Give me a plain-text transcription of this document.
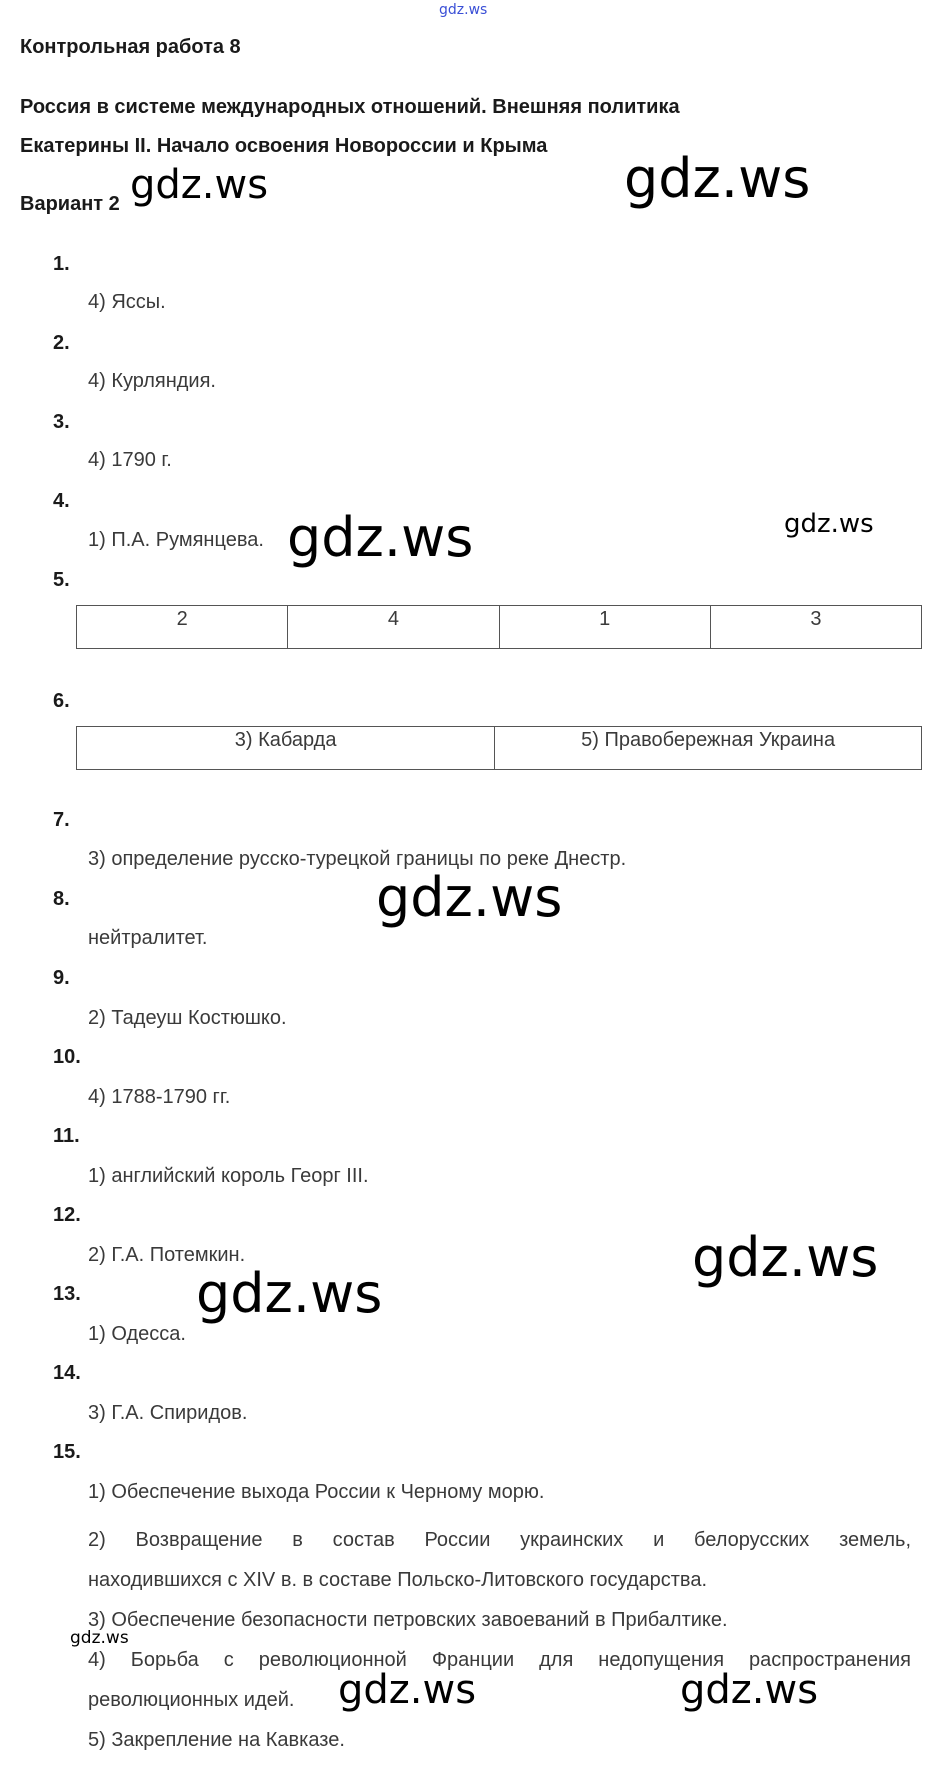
gdz.ws
Контрольная работа 8
Россия в системе международных отношений. Внешняя политика
Екатерины II. Начало освоения Новороссии и Крыма
Вариант 2
1.
4) Яссы.
2.
4) Курляндия.
3.
4) 1790 г.
4.
1) П.А. Румянцева.
5.
2	4	1	3
6.
3) Кабарда	5) Правобережная Украина
7.
3) определение русско-турецкой границы по реке Днестр.
8.
нейтралитет.
9.
2) Тадеуш Костюшко.
10.
4) 1788-1790 гг.
11.
1) английский король Георг III.
12.
2) Г.А. Потемкин.
13.
1) Одесса.
14.
3) Г.А. Спиридов.
15.
1) Обеспечение выхода России к Черному морю.
2) Возвращение в состав России украинских и белорусских земель,
находившихся с XIV в. в составе Польско-Литовского государства.
3) Обеспечение безопасности петровских завоеваний в Прибалтике.
4) Борьба с революционной Франции для недопущения распространения
революционных идей.
5) Закрепление на Кавказе.
gdz.ws	gdz.ws
gdz.ws	gdz.ws
gdz.ws
gdz.ws
gdz.ws
gdz.ws
gdz.ws	gdz.ws
